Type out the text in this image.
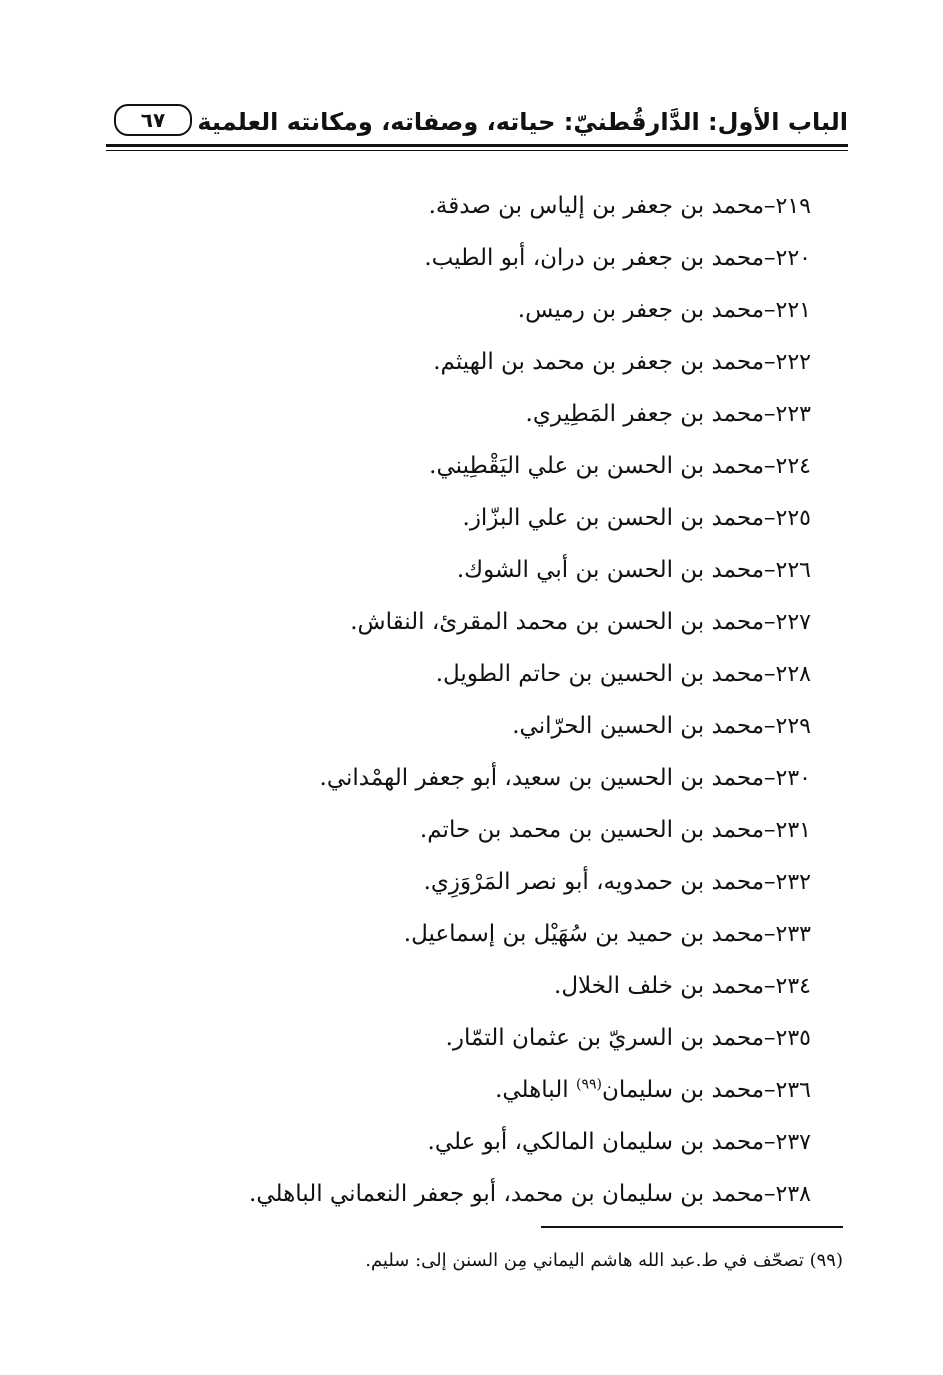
الباب الأول: الدَّارقُطنيّ: حياته، وصفاته، ومكانته العلمية
٦٧
٢١٩–محمد بن جعفر بن إلياس بن صدقة.
٢٢٠–محمد بن جعفر بن دران، أبو الطيب.
٢٢١–محمد بن جعفر بن رميس.
٢٢٢–محمد بن جعفر بن محمد بن الهيثم.
٢٢٣–محمد بن جعفر المَطِيري.
٢٢٤–محمد بن الحسن بن علي اليَقْطِيني.
٢٢٥–محمد بن الحسن بن علي البزّاز.
٢٢٦–محمد بن الحسن بن أبي الشوك.
٢٢٧–محمد بن الحسن بن محمد المقرئ، النقاش.
٢٢٨–محمد بن الحسين بن حاتم الطويل.
٢٢٩–محمد بن الحسين الحرّاني.
٢٣٠–محمد بن الحسين بن سعيد، أبو جعفر الهمْداني.
٢٣١–محمد بن الحسين بن محمد بن حاتم.
٢٣٢–محمد بن حمدويه، أبو نصر المَرْوَزِي.
٢٣٣–محمد بن حميد بن سُهَيْل بن إسماعيل.
٢٣٤–محمد بن خلف الخلال.
٢٣٥–محمد بن السريّ بن عثمان التمّار.
٢٣٦–محمد بن سليمان$^{(٩٩)}$ الباهلي.
٢٣٧–محمد بن سليمان المالكي، أبو علي.
٢٣٨–محمد بن سليمان بن محمد، أبو جعفر النعماني الباهلي.
(٩٩) تصحّف في ط.عبد الله هاشم اليماني مِن السنن إلى: سليم.
